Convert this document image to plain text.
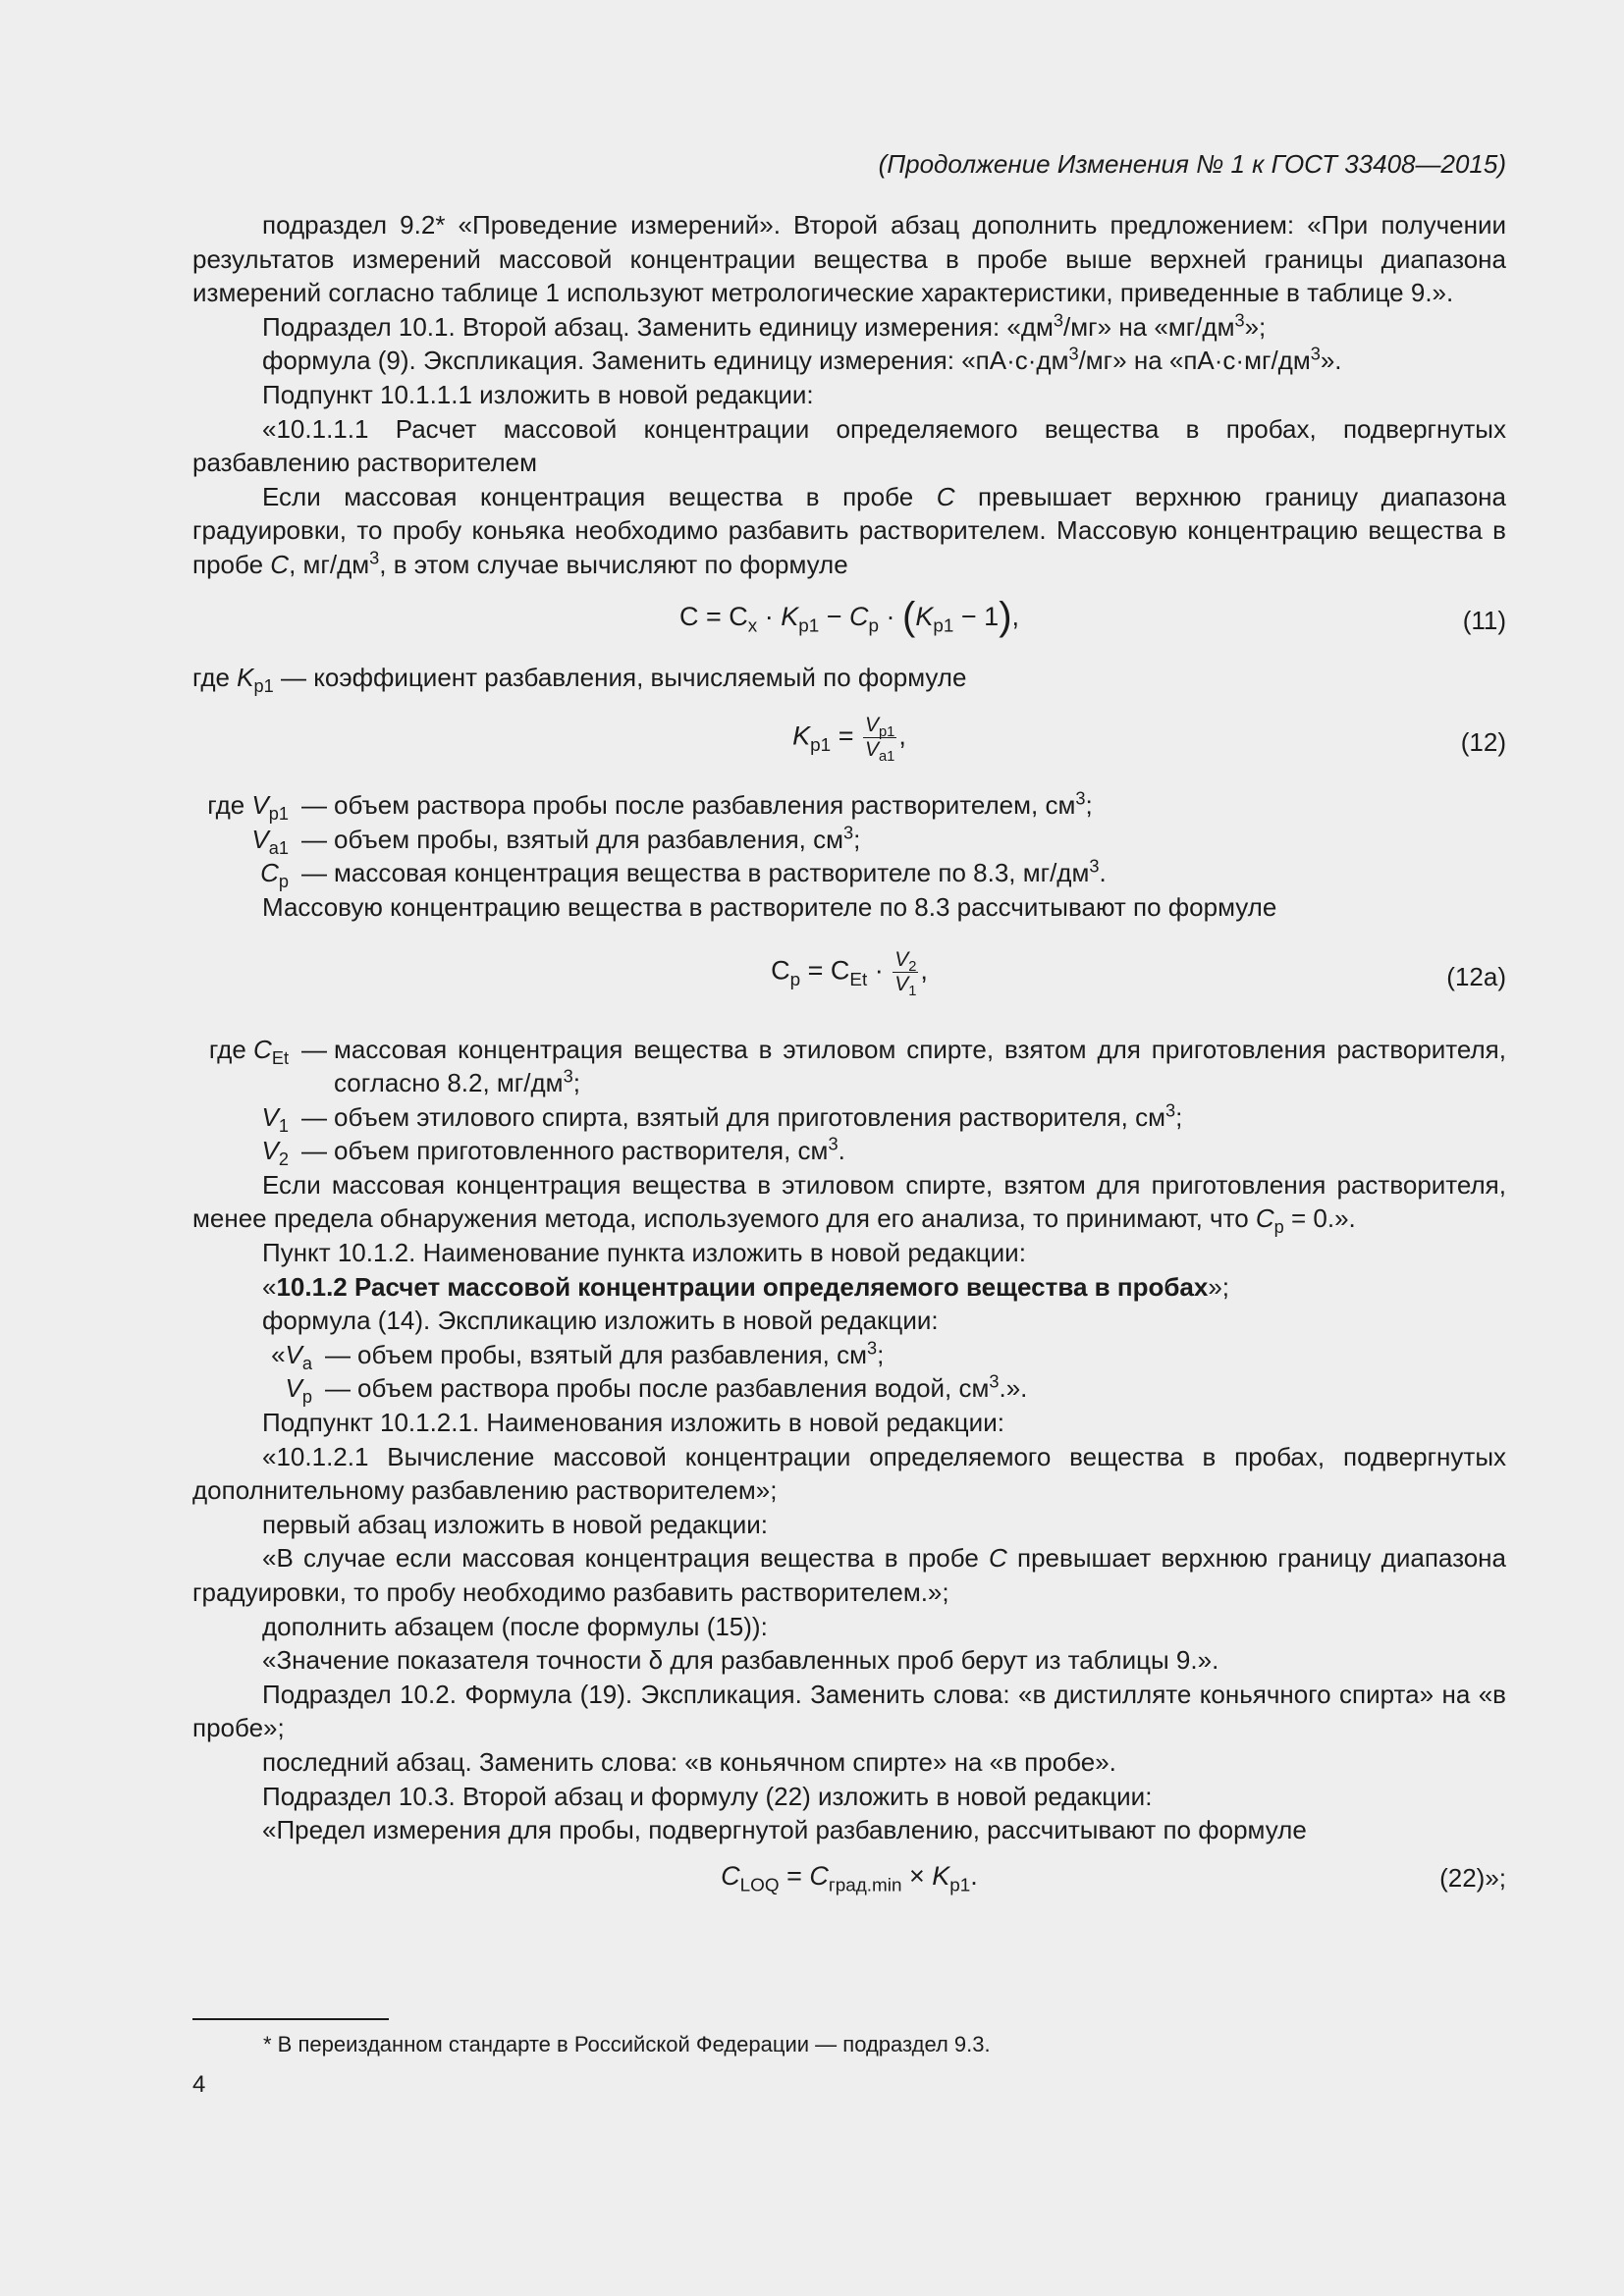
(Продолжение Изменения № 1 к ГОСТ 33408—2015)

подраздел 9.2* «Проведение измерений». Второй абзац дополнить предложением: «При получении результатов измерений массовой концентрации вещества в пробе выше верхней границы диапазона измерений согласно таблице 1 используют метрологические характеристики, приведенные в таблице 9.».

Подраздел 10.1. Второй абзац. Заменить единицу измерения: «$дм^3/мг$» на «$мг/дм^3$»;

формула (9). Экспликация. Заменить единицу измерения: «$пА\cdot с\cdot дм^3/мг$» на «$пА\cdot с\cdot мг/дм^3$».

Подпункт 10.1.1.1 изложить в новой редакции:

«10.1.1.1 Расчет массовой концентрации определяемого вещества в пробах, подвергнутых разбавлению растворителем

Если массовая концентрация вещества в пробе C превышает верхнюю границу диапазона градуировки, то пробу коньяка необходимо разбавить растворителем. Массовую концентрацию вещества в пробе C, $мг/дм^3$, в этом случае вычисляют по формуле

$C = C_x \cdot K_{p1} - C_p \cdot (K_{p1} - 1)$,	(11)

где $K_{p1}$ — коэффициент разбавления, вычисляемый по формуле

$K_{p1} = \frac{V_{p1}}{V_{a1}}$ ,	(12)
где $V_{p1}$ — объем раствора пробы после разбавления растворителем, $см^3$;
$V_{a1}$ — объем пробы, взятый для разбавления, $см^3$;
$C_p$ — массовая концентрация вещества в растворителе по 8.3, $мг/дм^3$.

Массовую концентрацию вещества в растворителе по 8.3 рассчитывают по формуле

$C_p = C_{Et} \cdot \frac{V_2}{V_1}$ ,	(12a)
где $C_{Et}$ — массовая концентрация вещества в этиловом спирте, взятом для приготовления растворителя, согласно 8.2, $мг/дм^3$;
$V_1$ — объем этилового спирта, взятый для приготовления растворителя, $см^3$;
$V_2$ — объем приготовленного растворителя, $см^3$.

Если массовая концентрация вещества в этиловом спирте, взятом для приготовления растворителя, менее предела обнаружения метода, используемого для его анализа, то принимают, что $C_p = 0$.».

Пункт 10.1.2. Наименование пункта изложить в новой редакции:

«10.1.2 Расчет массовой концентрации определяемого вещества в пробах»;

формула (14). Экспликацию изложить в новой редакции:

«$V_a$ — объем пробы, взятый для разбавления, $см^3$;
$V_p$ — объем раствора пробы после разбавления водой, $см^3$.».

Подпункт 10.1.2.1. Наименования изложить в новой редакции:

«10.1.2.1 Вычисление массовой концентрации определяемого вещества в пробах, подвергнутых дополнительному разбавлению растворителем»;

первый абзац изложить в новой редакции:

«В случае если массовая концентрация вещества в пробе C превышает верхнюю границу диапазона градуировки, то пробу необходимо разбавить растворителем.»;

дополнить абзацем (после формулы (15)):

«Значение показателя точности δ для разбавленных проб берут из таблицы 9.».

Подраздел 10.2. Формула (19). Экспликация. Заменить слова: «в дистилляте коньячного спирта» на «в пробе»;

последний абзац. Заменить слова: «в коньячном спирте» на «в пробе».

Подраздел 10.3. Второй абзац и формулу (22) изложить в новой редакции:

«Предел измерения для пробы, подвергнутой разбавлению, рассчитывают по формуле

$C_{LOQ} = C_{град.min} \times K_{p1}$.	(22)»;
* В переизданном стандарте в Российской Федерации — подраздел 9.3.
4
